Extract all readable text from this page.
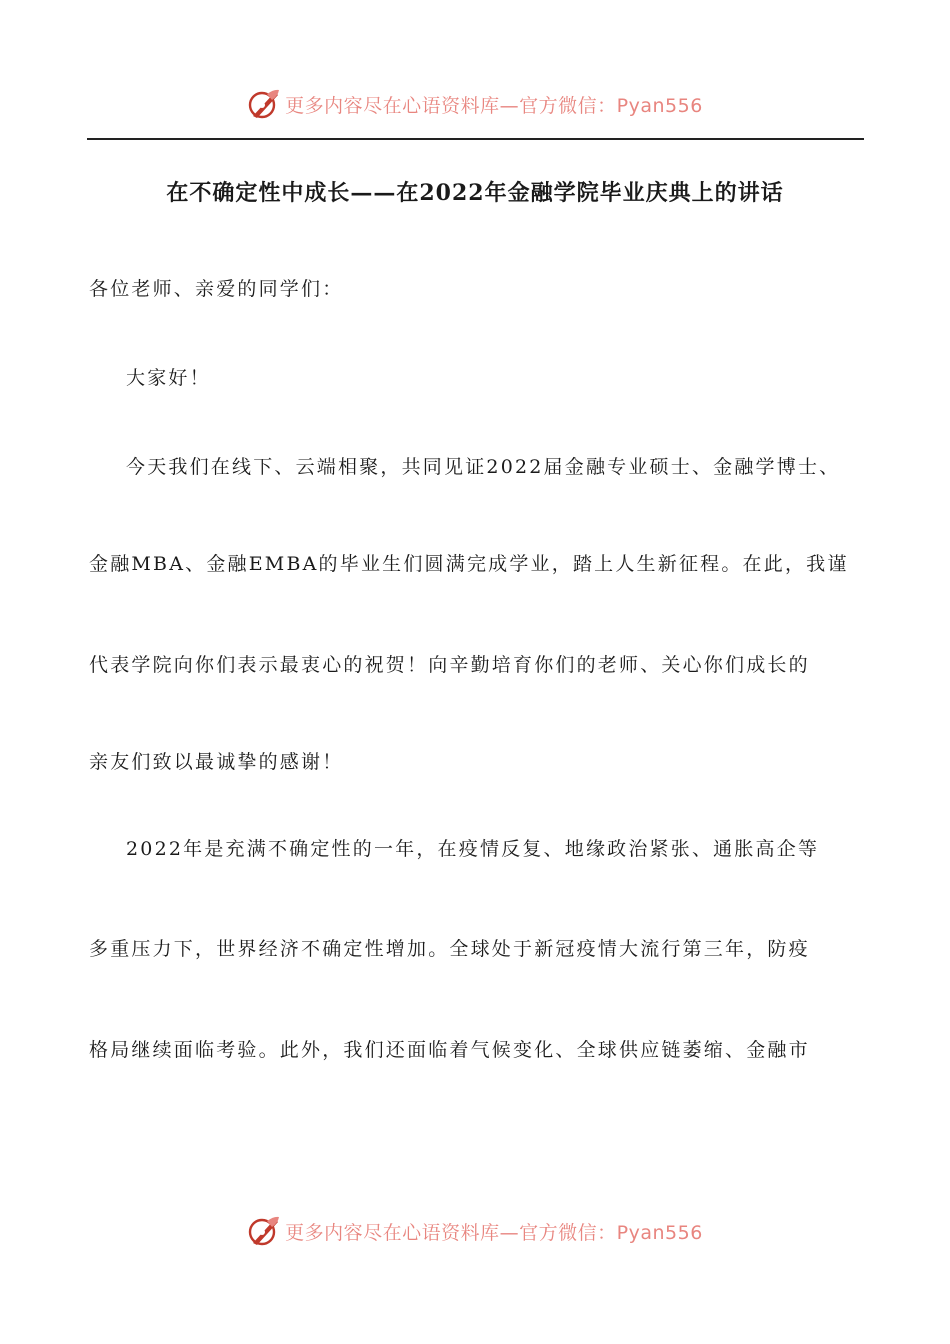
更多内容尽在心语资料库—官方微信：Pyan556
在不确定性中成长——在2022年金融学院毕业庆典上的讲话
各位老师、亲爱的同学们：
大家好！
今天我们在线下、云端相聚，共同见证2022届金融专业硕士、金融学博士、
金融MBA、金融EMBA的毕业生们圆满完成学业，踏上人生新征程。在此，我谨
代表学院向你们表示最衷心的祝贺！向辛勤培育你们的老师、关心你们成长的
亲友们致以最诚挚的感谢！
2022年是充满不确定性的一年，在疫情反复、地缘政治紧张、通胀高企等
多重压力下，世界经济不确定性增加。全球处于新冠疫情大流行第三年，防疫
格局继续面临考验。此外，我们还面临着气候变化、全球供应链萎缩、金融市
更多内容尽在心语资料库—官方微信：Pyan556
